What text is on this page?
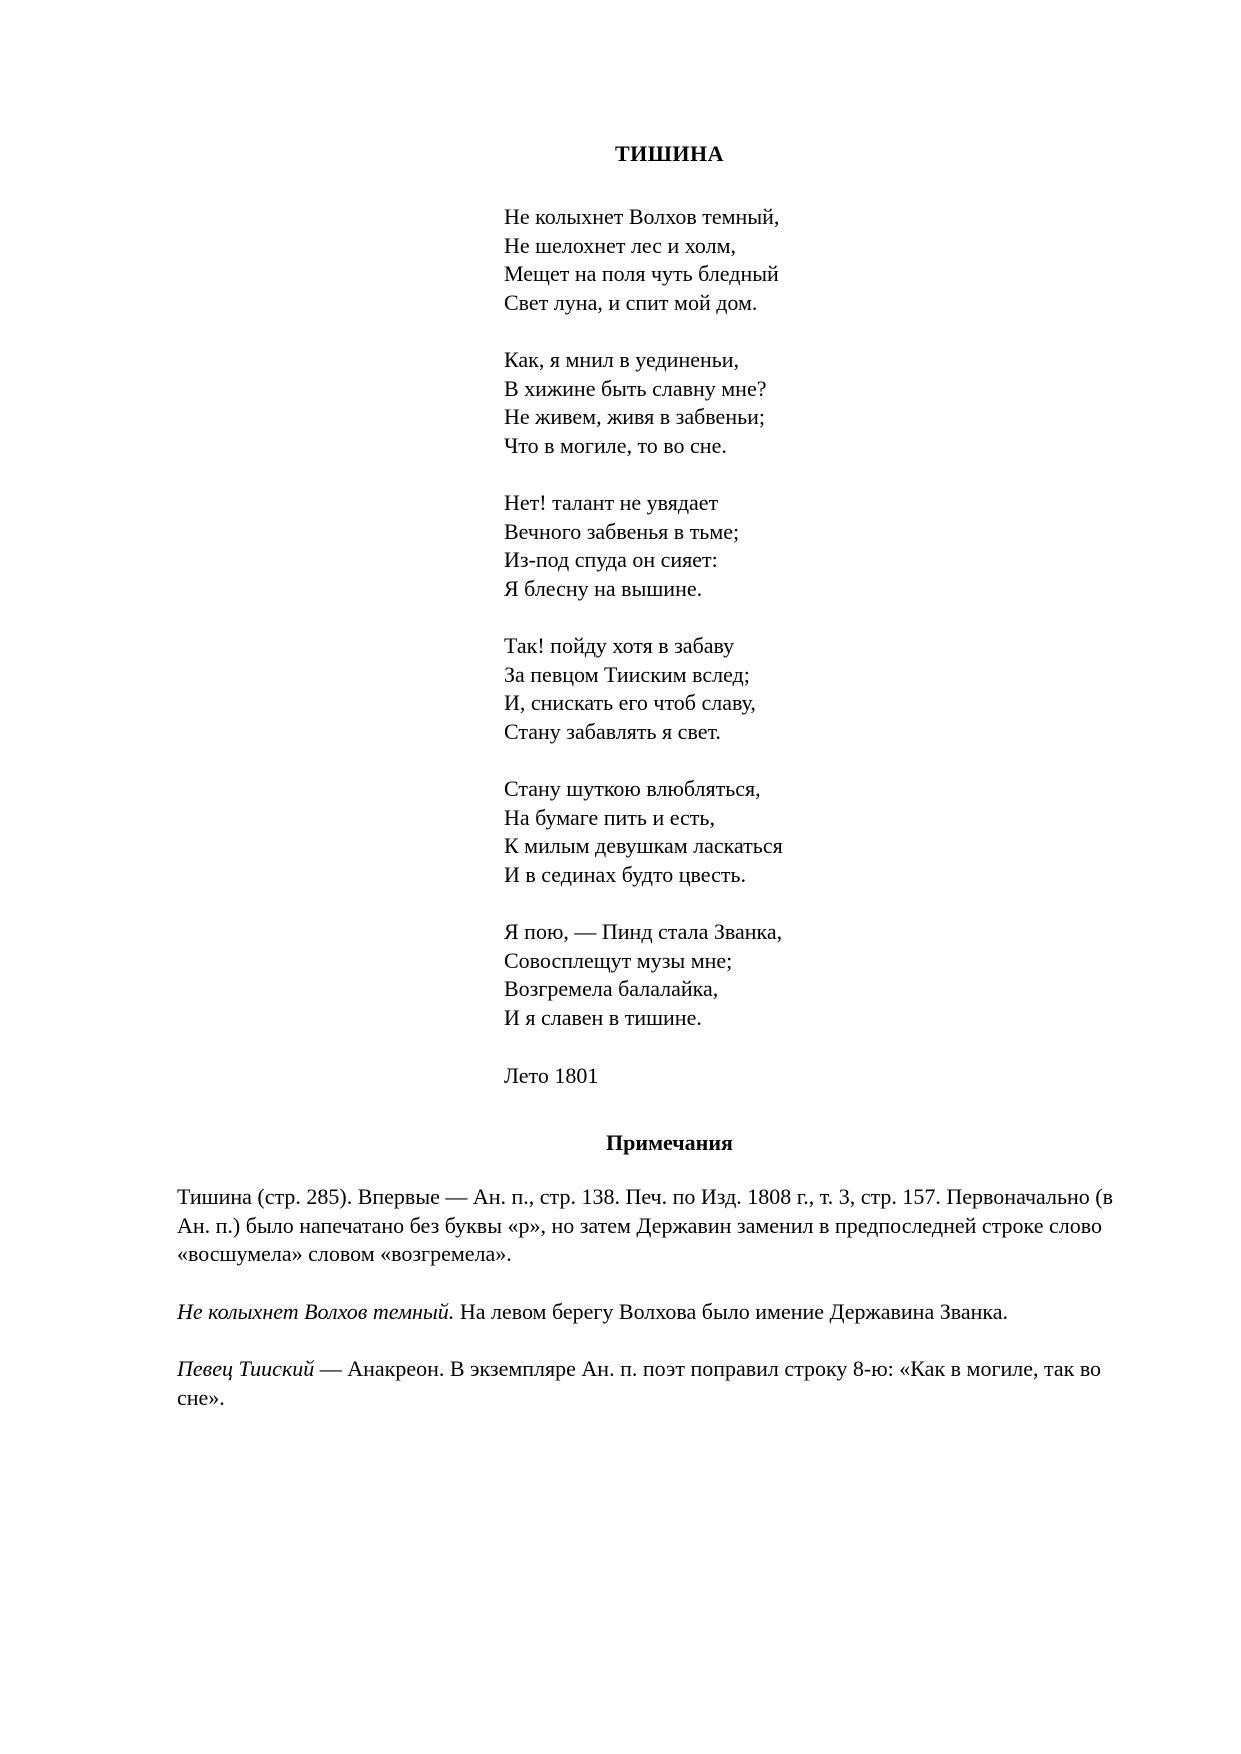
ТИШИНА
Не колыхнет Волхов темный,
Не шелохнет лес и холм,
Мещет на поля чуть бледный
Свет луна, и спит мой дом.
Как, я мнил в уединеньи,
В хижине быть славну мне?
Не живем, живя в забвеньи;
Что в могиле, то во сне.
Нет! талант не увядает
Вечного забвенья в тьме;
Из-под спуда он сияет:
Я блесну на вышине.
Так! пойду хотя в забаву
За певцом Тииским вслед;
И, снискать его чтоб славу,
Стану забавлять я свет.
Стану шуткою влюбляться,
На бумаге пить и есть,
К милым девушкам ласкаться
И в сединах будто цвесть.
Я пою, — Пинд стала Званка,
Совосплещут музы мне;
Возгремела балалайка,
И я славен в тишине.
Лето 1801
Примечания

Тишина (стр. 285). Впервые — Ан. п., стр. 138. Печ. по Изд. 1808 г., т. 3, стр. 157. Первоначально (в Ан. п.) было напечатано без буквы «р», но затем Державин заменил в предпоследней строке слово «восшумела» словом «возгремела».

Не колыхнет Волхов темный. На левом берегу Волхова было имение Державина Званка.

Певец Тииский — Анакреон. В экземпляре Ан. п. поэт поправил строку 8-ю: «Как в могиле, так во сне».
